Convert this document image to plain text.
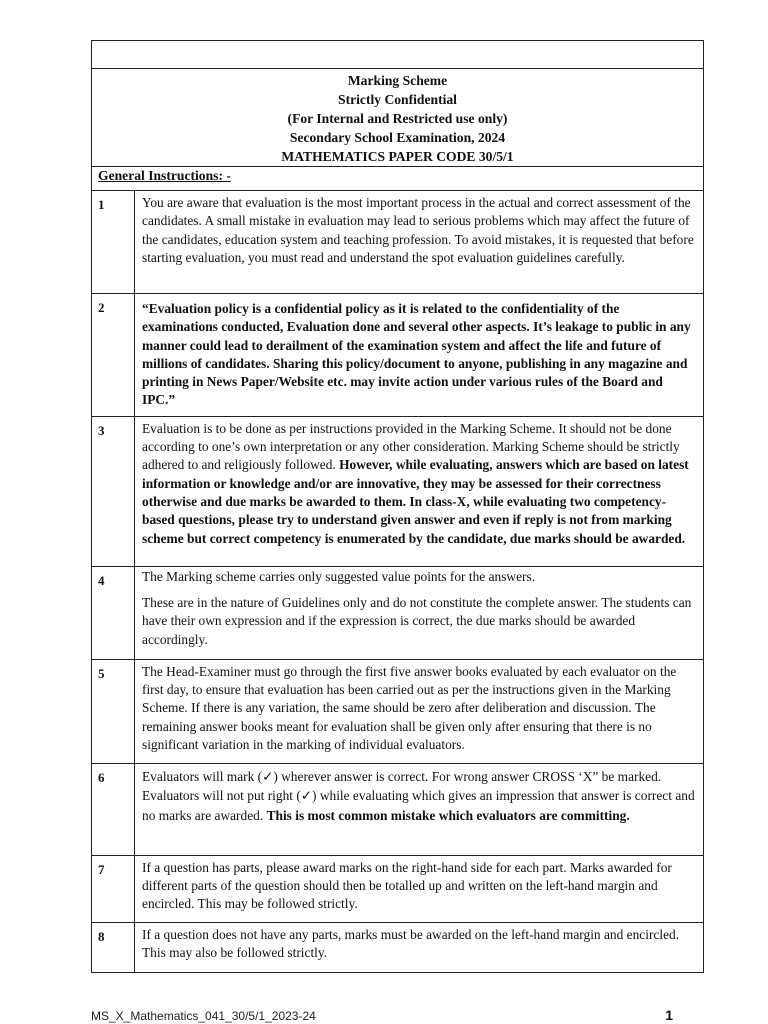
Marking Scheme
Strictly Confidential
(For Internal and Restricted use only)
Secondary School Examination, 2024
MATHEMATICS PAPER CODE 30/5/1	

General Instructions: -	
1	You are aware that evaluation is the most important process in the actual and correct assessment of the candidates. A small mistake in evaluation may lead to serious problems which may affect the future of the candidates, education system and teaching profession. To avoid mistakes, it is requested that before starting evaluation, you must read and understand the spot evaluation guidelines carefully.

2	“Evaluation policy is a confidential policy as it is related to the confidentiality of the examinations conducted, Evaluation done and several other aspects. It’s leakage to public in any manner could lead to derailment of the examination system and affect the life and future of millions of candidates. Sharing this policy/document to anyone, publishing in any magazine and printing in News Paper/Website etc. may invite action under various rules of the Board and IPC.”

3	Evaluation is to be done as per instructions provided in the Marking Scheme. It should not be done according to one’s own interpretation or any other consideration. Marking Scheme should be strictly adhered to and religiously followed. However, while evaluating, answers which are based on latest information or knowledge and/or are innovative, they may be assessed for their correctness otherwise and due marks be awarded to them. In class-X, while evaluating two competency-based questions, please try to understand given answer and even if reply is not from marking scheme but correct competency is enumerated by the candidate, due marks should be awarded.

4	The Marking scheme carries only suggested value points for the answers.

These are in the nature of Guidelines only and do not constitute the complete answer. The students can have their own expression and if the expression is correct, the due marks should be awarded accordingly.

5	The Head-Examiner must go through the first five answer books evaluated by each evaluator on the first day, to ensure that evaluation has been carried out as per the instructions given in the Marking Scheme. If there is any variation, the same should be zero after deliberation and discussion. The remaining answer books meant for evaluation shall be given only after ensuring that there is no significant variation in the marking of individual evaluators.

6	Evaluators will mark (✓) wherever answer is correct. For wrong answer CROSS ‘X” be marked. Evaluators will not put right (✓) while evaluating which gives an impression that answer is correct and no marks are awarded. This is most common mistake which evaluators are committing.

7	If a question has parts, please award marks on the right-hand side for each part. Marks awarded for different parts of the question should then be totalled up and written on the left-hand margin and encircled. This may be followed strictly.

8	If a question does not have any parts, marks must be awarded on the left-hand margin and encircled. This may also be followed strictly.

MS_X_Mathematics_041_30/5/1_2023-24	1
